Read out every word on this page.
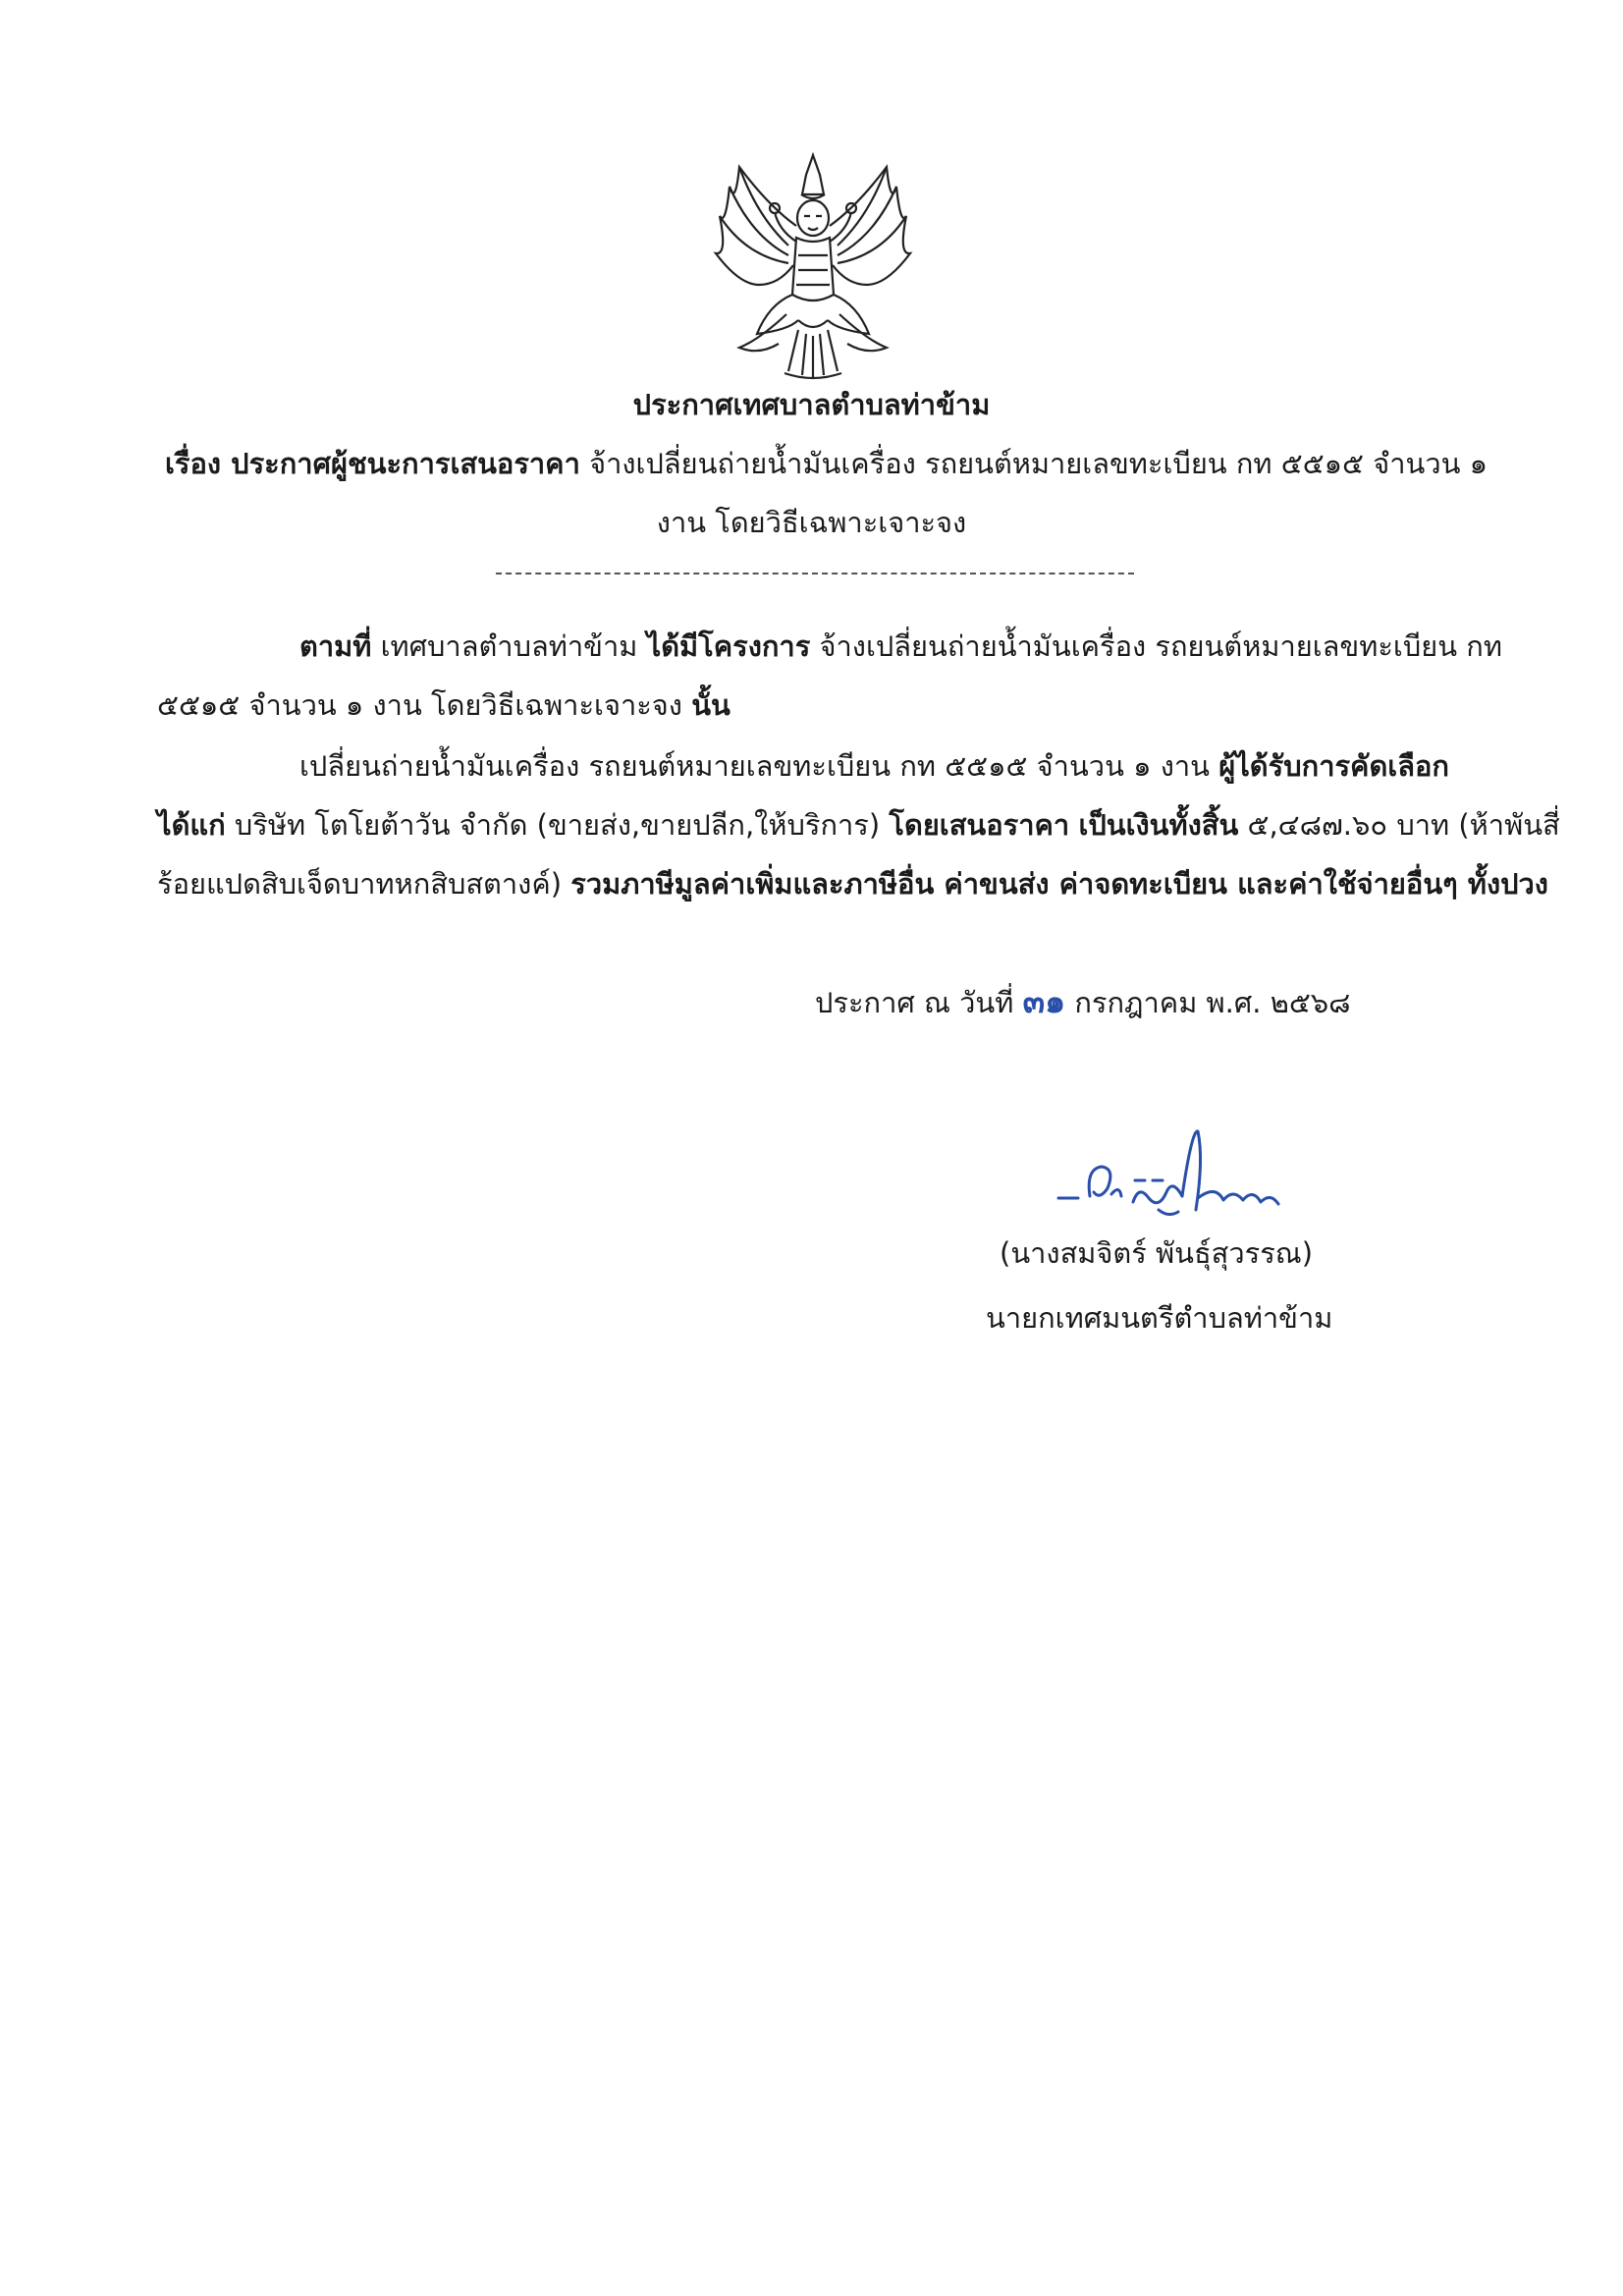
ประกาศเทศบาลตำบลท่าข้าม
เรื่อง ประกาศผู้ชนะการเสนอราคา จ้างเปลี่ยนถ่ายน้ำมันเครื่อง รถยนต์หมายเลขทะเบียน กท ๕๕๑๕ จำนวน ๑
งาน โดยวิธีเฉพาะเจาะจง
ตามที่ เทศบาลตำบลท่าข้าม ได้มีโครงการ จ้างเปลี่ยนถ่ายน้ำมันเครื่อง รถยนต์หมายเลขทะเบียน กท
๕๕๑๕ จำนวน ๑ งาน โดยวิธีเฉพาะเจาะจง นั้น
เปลี่ยนถ่ายน้ำมันเครื่อง รถยนต์หมายเลขทะเบียน กท ๕๕๑๕ จำนวน ๑ งาน ผู้ได้รับการคัดเลือก
ได้แก่ บริษัท โตโยต้าวัน จำกัด (ขายส่ง,ขายปลีก,ให้บริการ) โดยเสนอราคา เป็นเงินทั้งสิ้น ๕,๔๘๗.๖๐ บาท (ห้าพันสี่
ร้อยแปดสิบเจ็ดบาทหกสิบสตางค์) รวมภาษีมูลค่าเพิ่มและภาษีอื่น ค่าขนส่ง ค่าจดทะเบียน และค่าใช้จ่ายอื่นๆ ทั้งปวง
ประกาศ ณ วันที่ ๓๑ กรกฎาคม พ.ศ. ๒๕๖๘
(นางสมจิตร์ พันธุ์สุวรรณ)
นายกเทศมนตรีตำบลท่าข้าม
